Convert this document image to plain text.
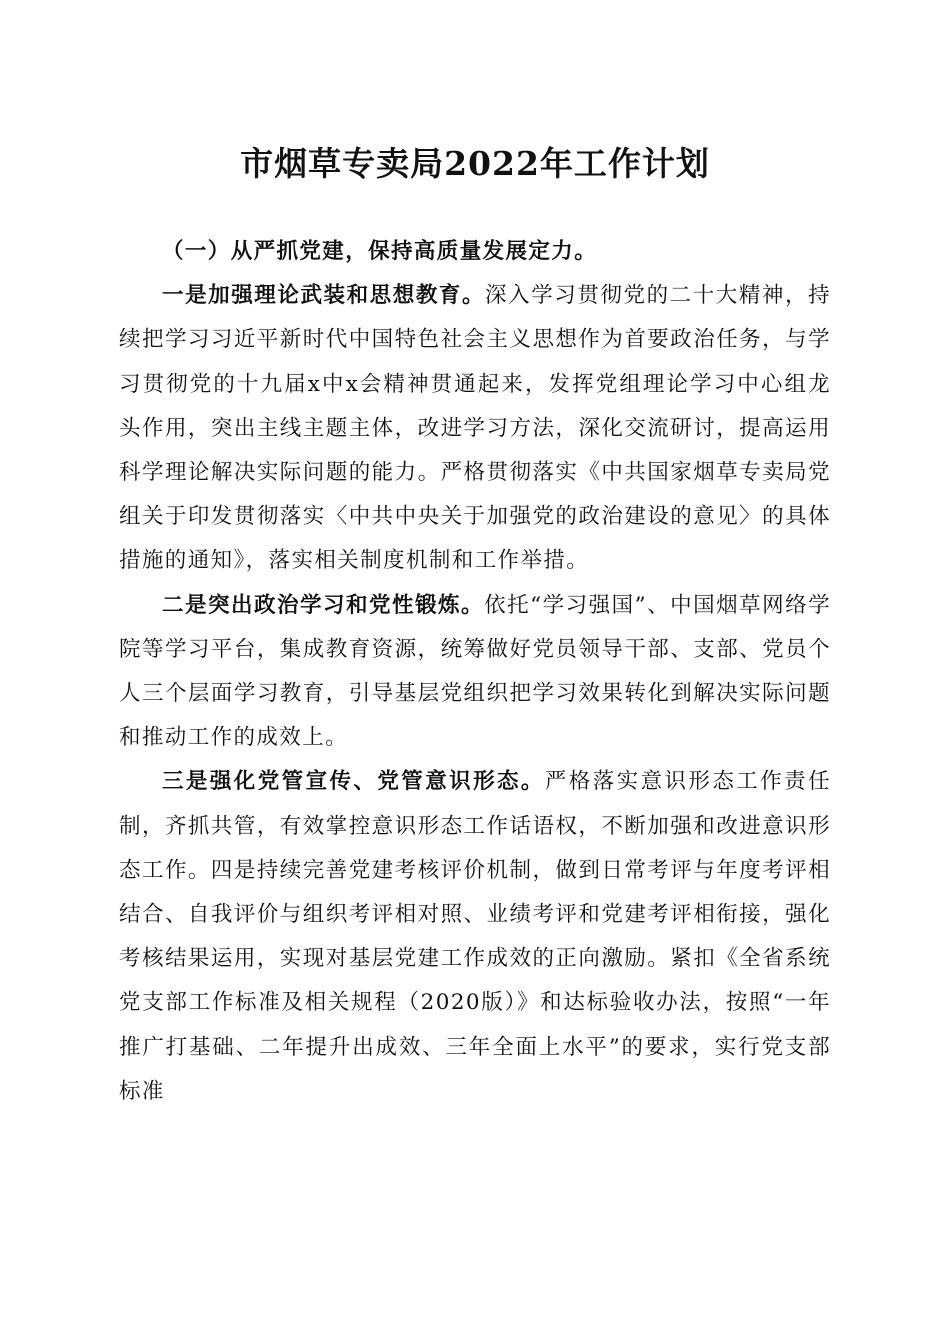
市烟草专卖局2022年工作计划

（一）从严抓党建，保持高质量发展定力。

一是加强理论武装和思想教育。深入学习贯彻党的二十大精神，持续把学习习近平新时代中国特色社会主义思想作为首要政治任务，与学习贯彻党的十九届x中x会精神贯通起来，发挥党组理论学习中心组龙头作用，突出主线主题主体，改进学习方法，深化交流研讨，提高运用科学理论解决实际问题的能力。严格贯彻落实《中共国家烟草专卖局党组关于印发贯彻落实〈中共中央关于加强党的政治建设的意见〉的具体措施的通知》，落实相关制度机制和工作举措。

二是突出政治学习和党性锻炼。依托“学习强国”、中国烟草网络学院等学习平台，集成教育资源，统筹做好党员领导干部、支部、党员个人三个层面学习教育，引导基层党组织把学习效果转化到解决实际问题和推动工作的成效上。

三是强化党管宣传、党管意识形态。严格落实意识形态工作责任制，齐抓共管，有效掌控意识形态工作话语权，不断加强和改进意识形态工作。四是持续完善党建考核评价机制，做到日常考评与年度考评相结合、自我评价与组织考评相对照、业绩考评和党建考评相衔接，强化考核结果运用，实现对基层党建工作成效的正向激励。紧扣《全省系统党支部工作标准及相关规程（2020版）》和达标验收办法，按照“一年推广打基础、二年提升出成效、三年全面上水平”的要求，实行党支部标准
